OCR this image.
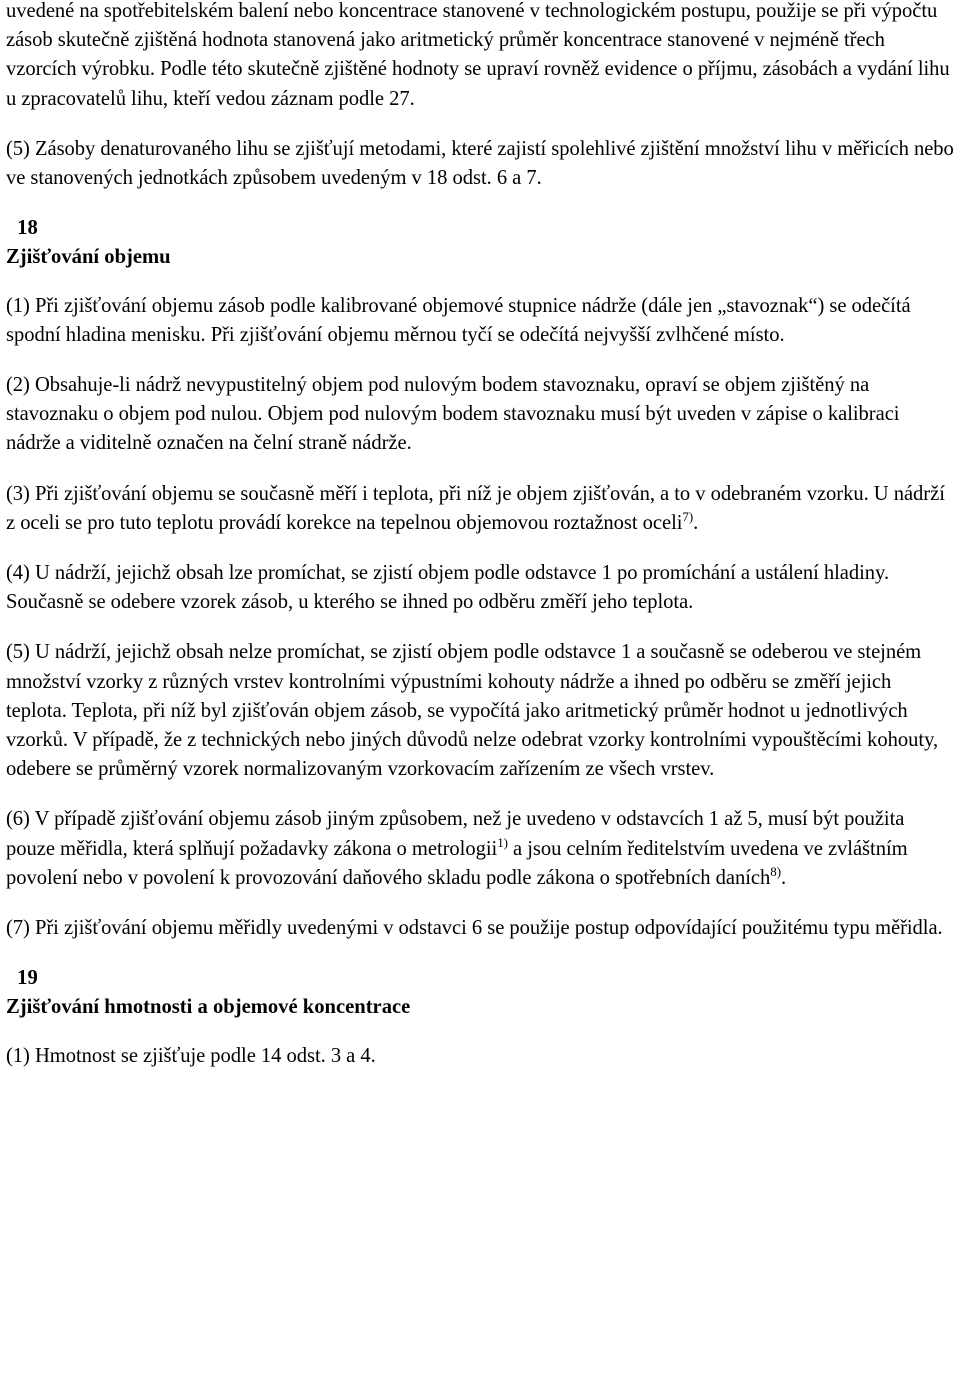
uvedené na spotřebitelském balení nebo koncentrace stanovené v technologickém postupu, použije se při výpočtu zásob skutečně zjištěná hodnota stanovená jako aritmetický průměr koncentrace stanovené v nejméně třech vzorcích výrobku. Podle této skutečně zjištěné hodnoty se upraví rovněž evidence o příjmu, zásobách a vydání lihu u zpracovatelů lihu, kteří vedou záznam podle 27.

(5) Zásoby denaturovaného lihu se zjišťují metodami, které zajistí spolehlivé zjištění množství lihu v měřicích nebo ve stanovených jednotkách způsobem uvedeným v 18 odst. 6 a 7.

18
Zjišťování objemu

(1) Při zjišťování objemu zásob podle kalibrované objemové stupnice nádrže (dále jen „stavoznak“) se odečítá spodní hladina menisku. Při zjišťování objemu měrnou tyčí se odečítá nejvyšší zvlhčené místo.

(2) Obsahuje-li nádrž nevypustitelný objem pod nulovým bodem stavoznaku, opraví se objem zjištěný na stavoznaku o objem pod nulou. Objem pod nulovým bodem stavoznaku musí být uveden v zápise o kalibraci nádrže a viditelně označen na čelní straně nádrže.

(3) Při zjišťování objemu se současně měří i teplota, při níž je objem zjišťován, a to v odebraném vzorku. U nádrží z oceli se pro tuto teplotu provádí korekce na tepelnou objemovou roztažnost oceli$^{7)}$.

(4) U nádrží, jejichž obsah lze promíchat, se zjistí objem podle odstavce 1 po promíchání a ustálení hladiny. Současně se odebere vzorek zásob, u kterého se ihned po odběru změří jeho teplota.

(5) U nádrží, jejichž obsah nelze promíchat, se zjistí objem podle odstavce 1 a současně se odeberou ve stejném množství vzorky z různých vrstev kontrolními výpustními kohouty nádrže a ihned po odběru se změří jejich teplota. Teplota, při níž byl zjišťován objem zásob, se vypočítá jako aritmetický průměr hodnot u jednotlivých vzorků. V případě, že z technických nebo jiných důvodů nelze odebrat vzorky kontrolními vypouštěcími kohouty, odebere se průměrný vzorek normalizovaným vzorkovacím zařízením ze všech vrstev.

(6) V případě zjišťování objemu zásob jiným způsobem, než je uvedeno v odstavcích 1 až 5, musí být použita pouze měřidla, která splňují požadavky zákona o metrologii$^{1)}$ a jsou celním ředitelstvím uvedena ve zvláštním povolení nebo v povolení k provozování daňového skladu podle zákona o spotřebních daních$^{8)}$.

(7) Při zjišťování objemu měřidly uvedenými v odstavci 6 se použije postup odpovídající použitému typu měřidla.

19
Zjišťování hmotnosti a objemové koncentrace

(1) Hmotnost se zjišťuje podle 14 odst. 3 a 4.
